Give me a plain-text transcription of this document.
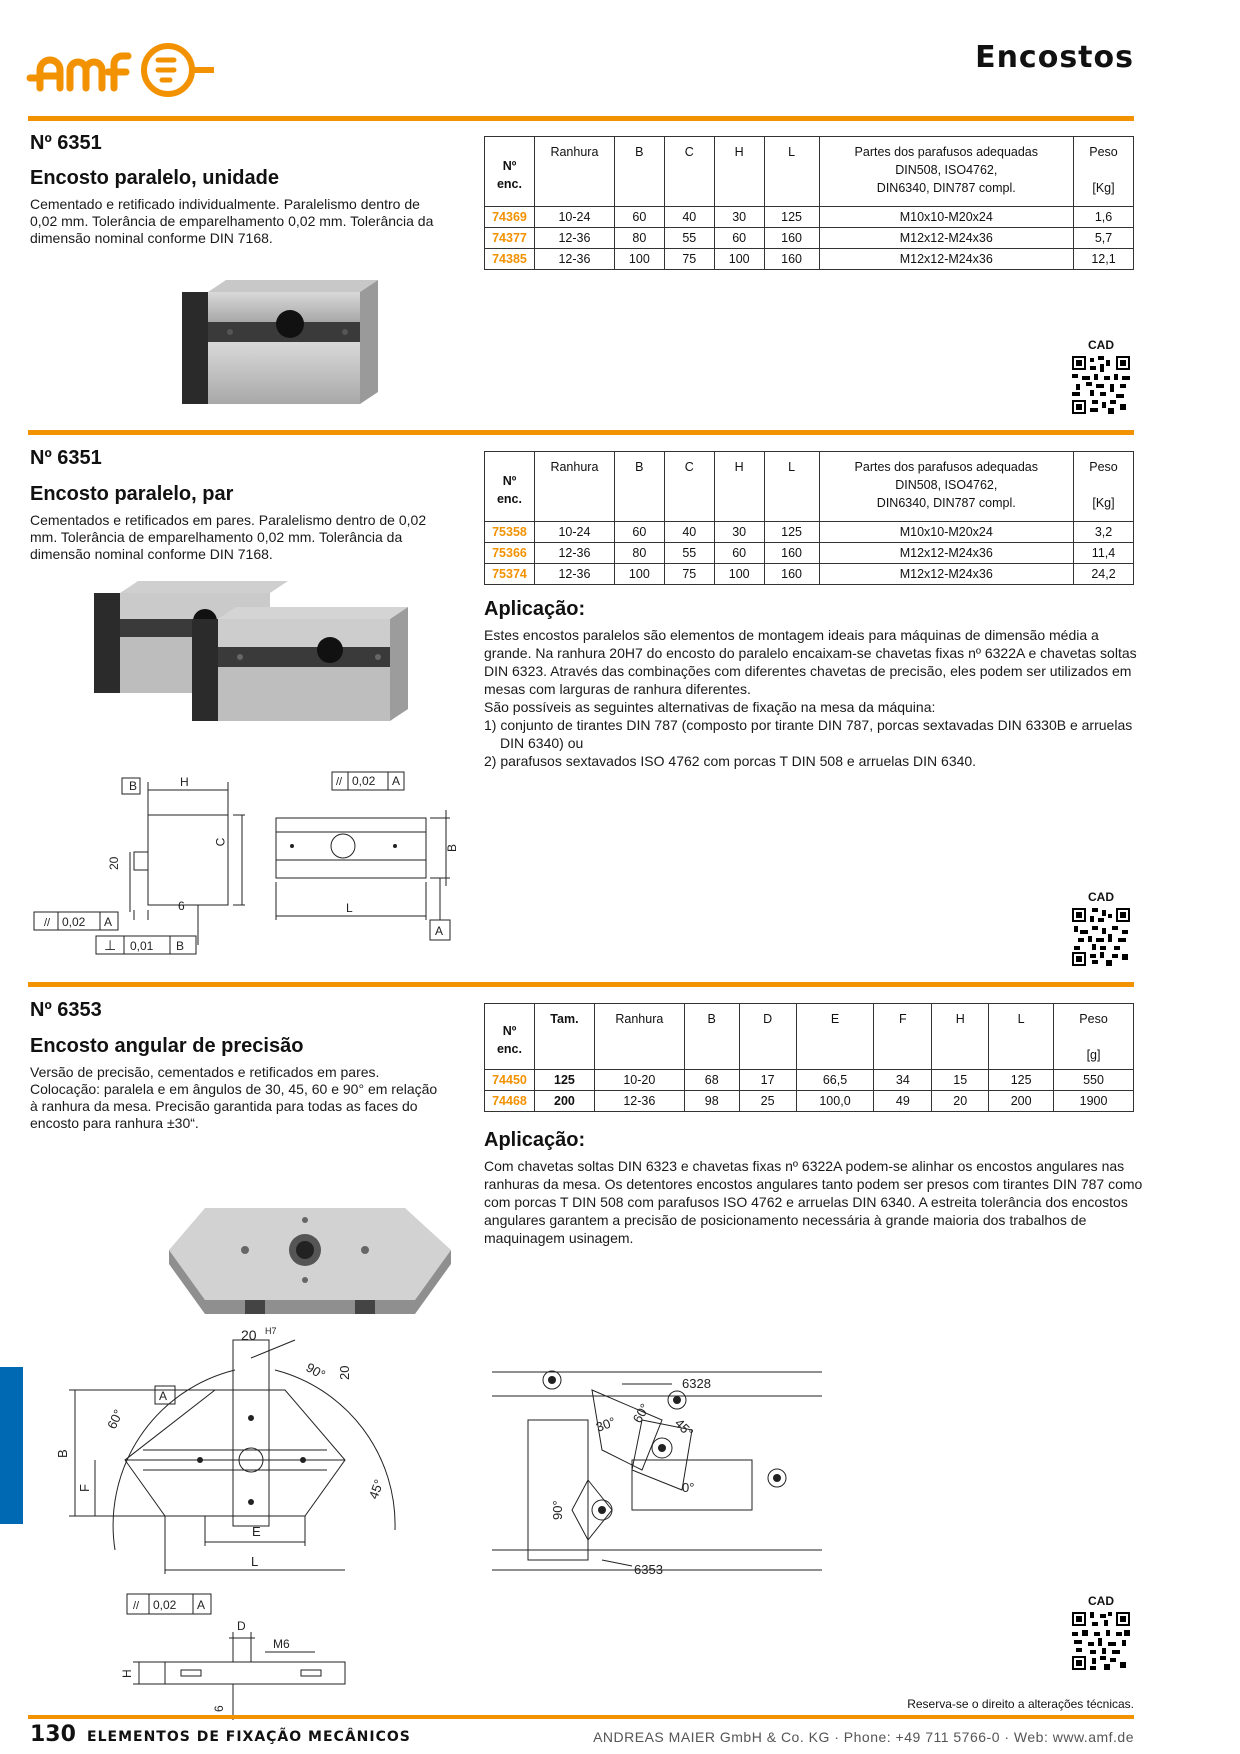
Encostos
Nº 6351
Encosto paralelo, unidade
Cementado e retificado individualmente. Paralelismo dentro de 0,02 mm. Tolerância de emparelhamento 0,02 mm. Tolerância da dimensão nominal conforme DIN 7168.
Nº
enc.	Ranhura	B	C	H	L	Partes dos parafusos adequadas
DIN508, ISO4762,
DIN6340, DIN787 compl.	Peso

[Kg]
74369	10-24	60	40	30	125	M10x10-M20x24	1,6
74377	12-36	80	55	60	160	M12x12-M24x36	5,7
74385	12-36	100	75	100	160	M12x12-M24x36	12,1
CAD
Nº 6351
Encosto paralelo, par
Cementados e retificados em pares. Paralelismo dentro de 0,02 mm. Tolerância de emparelhamento 0,02 mm. Tolerância da dimensão nominal conforme DIN 7168.
Nº
enc.	Ranhura	B	C	H	L	Partes dos parafusos adequadas
DIN508, ISO4762,
DIN6340, DIN787 compl.	Peso

[Kg]
75358	10-24	60	40	30	125	M10x10-M20x24	3,2
75366	12-36	80	55	60	160	M12x12-M24x36	11,4
75374	12-36	100	75	100	160	M12x12-M24x36	24,2
Aplicação:

Estes encostos paralelos são elementos de montagem ideais para máquinas de dimensão média a grande. Na ranhura 20H7 do encosto do paralelo encaixam-se chavetas fixas nº 6322A e chavetas soltas DIN 6323. Através das combinações com diferentes chavetas de precisão, eles podem ser utilizados em mesas com larguras de ranhura diferentes.

São possíveis as seguintes alternativas de fixação na mesa da máquina:

1) conjunto de tirantes DIN 787 (composto por tirante DIN 787, porcas sextavadas DIN 6330B e arruelas DIN 6340) ou

2) parafusos sextavados ISO 4762 com porcas T DIN 508 e arruelas DIN 6340.

B	H
20
6
// 0,02 A
⊥ 0,01 B
C
// 0,02 A
L
A
B
CAD
Nº 6353
Encosto angular de precisão
Versão de precisão, cementados e retificados em pares. Colocação: paralela e em ângulos de 30, 45, 60 e 90° em relação à ranhura da mesa. Precisão garantida para todas as faces do encosto para ranhura ±30“.
Nº
enc.	Tam.	Ranhura	B	D	E	F	H	L	Peso

[g]
74450	125	10-20	68	17	66,5	34	15	125	550
74468	200	12-36	98	25	100,0	49	20	200	1900
Aplicação:

Com chavetas soltas DIN 6323 e chavetas fixas nº 6322A podem-se alinhar os encostos angulares nas ranhuras da mesa. Os detentores encostos angulares tanto podem ser presos com tirantes DIN 787 como com porcas T DIN 508 com parafusos ISO 4762 e arruelas DIN 6340. A estreita tolerância dos encostos angulares garantem a precisão de posicionamento necessária à grande maioria dos trabalhos de maquinagem usinagem.

20 H7
60°
90°
45°
20
A
B
F
E
L
// 0,02 A
D
M6
H
6
6328
6353
30° 60°
45°
0°
90°
CAD
Reserva-se o direito a alterações técnicas.
130 ELEMENTOS DE FIXAÇÃO MECÂNICOS	ANDREAS MAIER GmbH & Co. KG · Phone: +49 711 5766-0 · Web: www.amf.de
